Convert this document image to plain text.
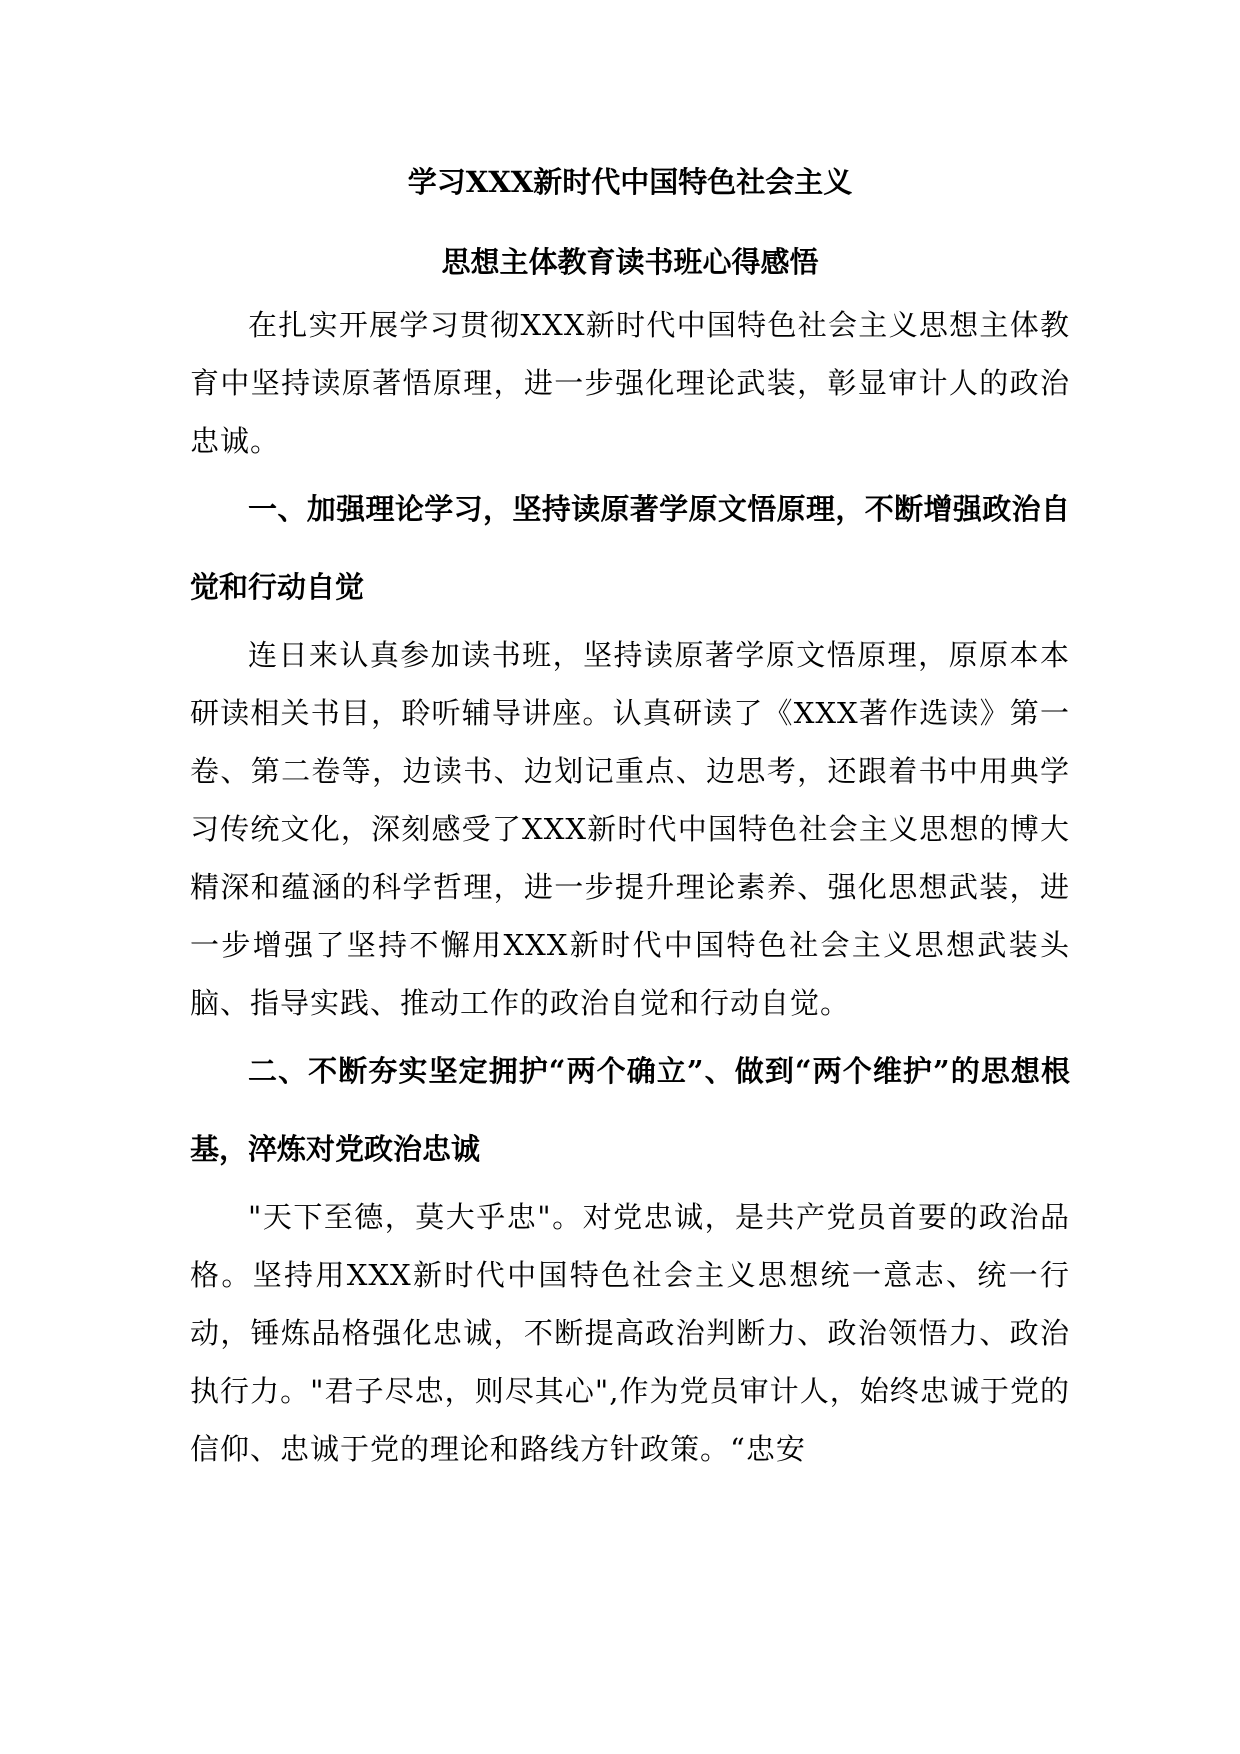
学习XXX新时代中国特色社会主义

思想主体教育读书班心得感悟

在扎实开展学习贯彻XXX新时代中国特色社会主义思想主体教育中坚持读原著悟原理，进一步强化理论武装，彰显审计人的政治忠诚。

一、加强理论学习，坚持读原著学原文悟原理，不断增强政治自觉和行动自觉

连日来认真参加读书班，坚持读原著学原文悟原理，原原本本研读相关书目，聆听辅导讲座。认真研读了《XXX著作选读》第一卷、第二卷等，边读书、边划记重点、边思考，还跟着书中用典学习传统文化，深刻感受了XXX新时代中国特色社会主义思想的博大精深和蕴涵的科学哲理，进一步提升理论素养、强化思想武装，进一步增强了坚持不懈用XXX新时代中国特色社会主义思想武装头脑、指导实践、推动工作的政治自觉和行动自觉。

二、不断夯实坚定拥护“两个确立”、做到“两个维护”的思想根基，淬炼对党政治忠诚

"天下至德，莫大乎忠"。对党忠诚，是共产党员首要的政治品格。坚持用XXX新时代中国特色社会主义思想统一意志、统一行动，锤炼品格强化忠诚，不断提高政治判断力、政治领悟力、政治执行力。"君子尽忠，则尽其心",作为党员审计人，始终忠诚于党的信仰、忠诚于党的理论和路线方针政策。“忠安
